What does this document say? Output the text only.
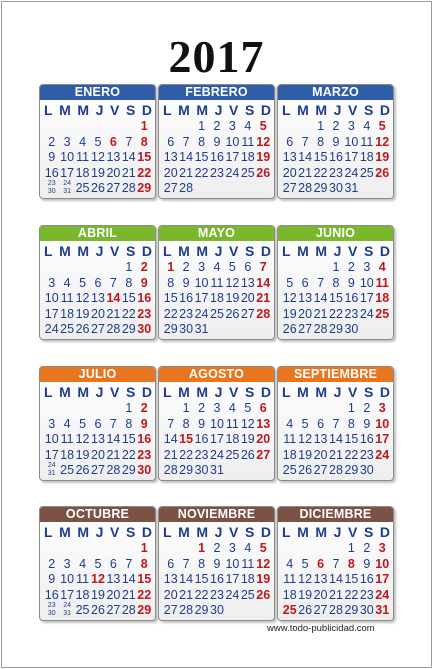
2017
ENERO
L M M J V S D
1
2 3 4 5 6 7 8
9 10 11 12 13 14 15
16 17 18 19 20 21 22
23
30
24
31 25 26 27 28 29
FEBRERO
L M M J V S D
1 2 3 4 5
6 7 8 9 10 11 12
13 14 15 16 17 18 19
20 21 22 23 24 25 26
27 28
MARZO
L M M J V S D
1 2 3 4 5
6 7 8 9 10 11 12
13 14 15 16 17 18 19
20 21 22 23 24 25 26
27 28 29 30 31
ABRIL
L M M J V S D
1 2
3 4 5 6 7 8 9
10 11 12 13 14 15 16
17 18 19 20 21 22 23
24 25 26 27 28 29 30
MAYO
L M M J V S D
1 2 3 4 5 6 7
8 9 10 11 12 13 14
15 16 17 18 19 20 21
22 23 24 25 26 27 28
29 30 31
JUNIO
L M M J V S D
1 2 3 4
5 6 7 8 9 10 11
12 13 14 15 16 17 18
19 20 21 22 23 24 25
26 27 28 29 30
JULIO
L M M J V S D
1 2
3 4 5 6 7 8 9
10 11 12 13 14 15 16
17 18 19 20 21 22 23
24
31 25 26 27 28 29 30
AGOSTO
L M M J V S D
1 2 3 4 5 6
7 8 9 10 11 12 13
14 15 16 17 18 19 20
21 22 23 24 25 26 27
28 29 30 31
SEPTIEMBRE
L M M J V S D
1 2 3
4 5 6 7 8 9 10
11 12 13 14 15 16 17
18 19 20 21 22 23 24
25 26 27 28 29 30
OCTUBRE
L M M J V S D
1
2 3 4 5 6 7 8
9 10 11 12 13 14 15
16 17 18 19 20 21 22
23
30
24
31 25 26 27 28 29
NOVIEMBRE
L M M J V S D
1 2 3 4 5
6 7 8 9 10 11 12
13 14 15 16 17 18 19
20 21 22 23 24 25 26
27 28 29 30
DICIEMBRE
L M M J V S D
1 2 3
4 5 6 7 8 9 10
11 12 13 14 15 16 17
18 19 20 21 22 23 24
25 26 27 28 29 30 31
www.todo-publicidad.com
